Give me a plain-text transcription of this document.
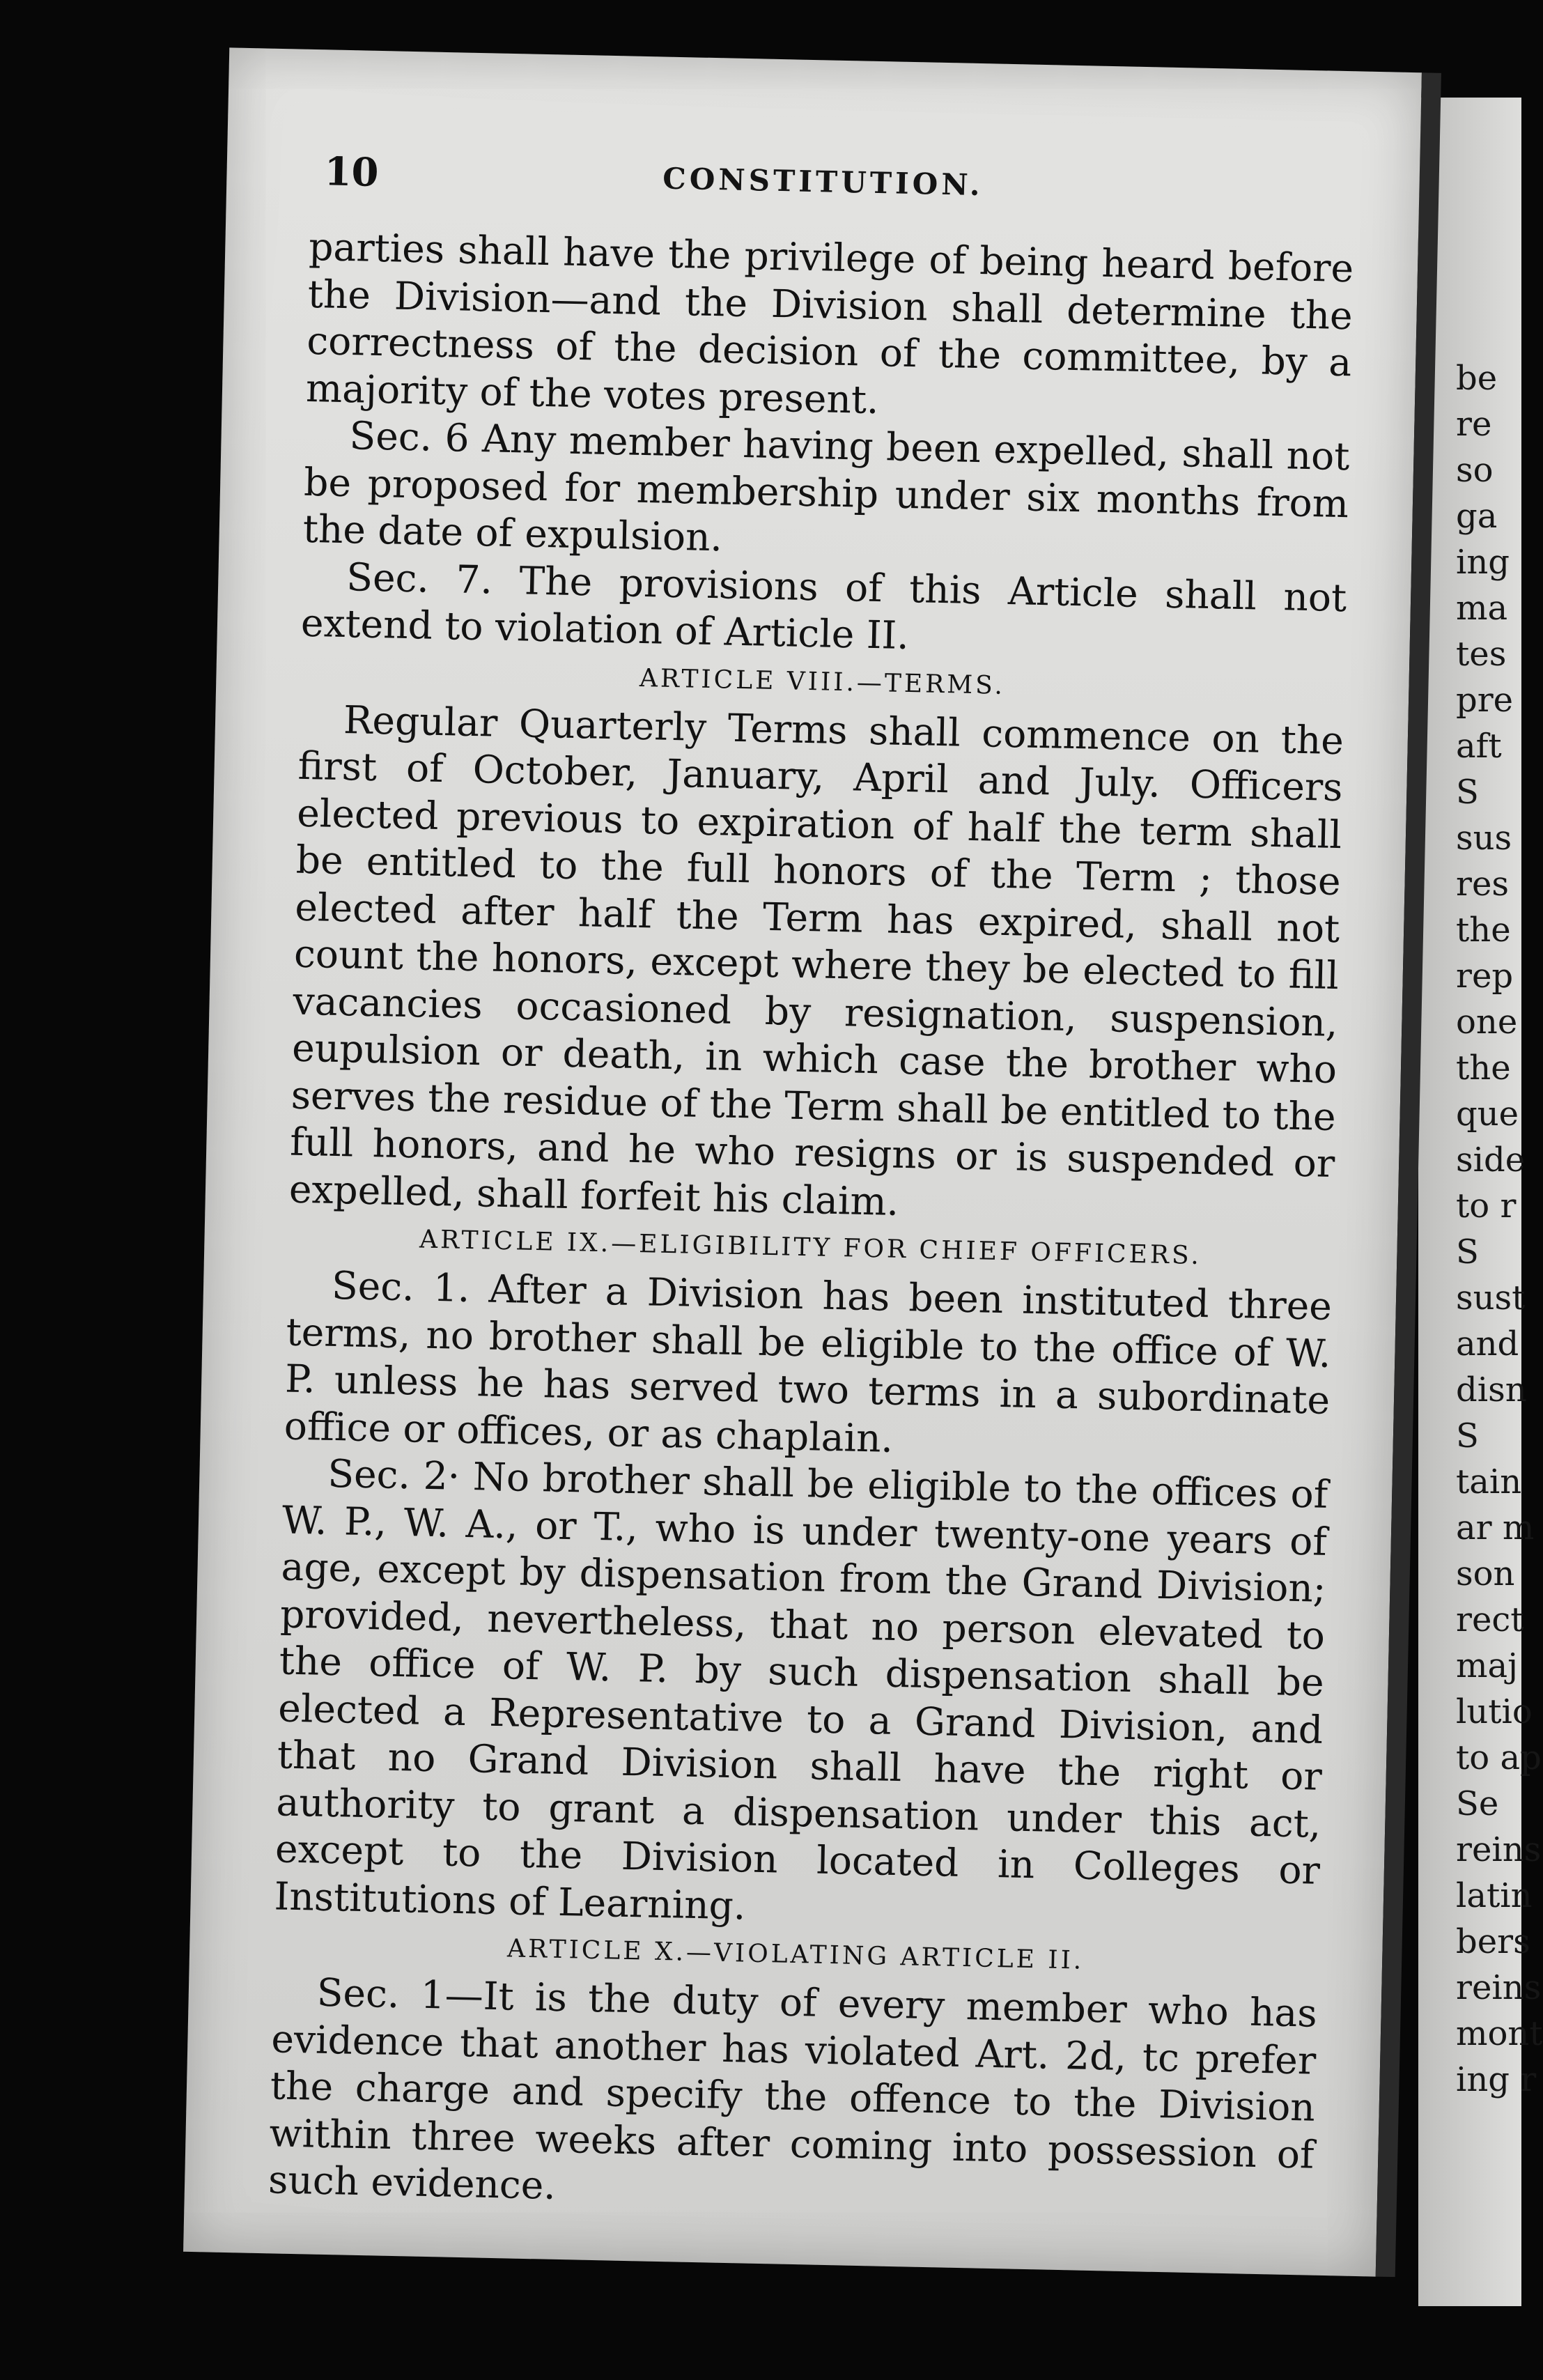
be
re
so
ga
ing
ma
tes
pre
aft
S
sus
res
the
rep
one
the
que
side
to r
S
sust
and
disn
S
tain
ar m
son
rect
maj
lutio
to ap
Se
reins
latin
bers
reins
mont
ing r
10	CONSTITUTION.

parties shall have the privilege of being heard before the Division—and the Division shall determine the correctness of the decision of the committee, by a majority of the votes present.

Sec. 6 Any member having been expelled, shall not be proposed for membership under six months from the date of expulsion.

Sec. 7. The provisions of this Article shall not extend to violation of Article II.

ARTICLE VIII.—TERMS.

Regular Quarterly Terms shall commence on the first of October, January, April and July. Officers elected previous to expiration of half the term shall be entitled to the full honors of the Term ; those elected after half the Term has expired, shall not count the honors, except where they be elected to fill vacancies occasioned by resignation, suspension, eupulsion or death, in which case the brother who serves the residue of the Term shall be entitled to the full honors, and he who resigns or is suspended or expelled, shall forfeit his claim.

ARTICLE IX.—ELIGIBILITY FOR CHIEF OFFICERS.

Sec. 1. After a Division has been instituted three terms, no brother shall be eligible to the office of W. P. unless he has served two terms in a subordinate office or offices, or as chaplain.

Sec. 2· No brother shall be eligible to the offices of W. P., W. A., or T., who is under twenty-one years of age, except by dispensation from the Grand Division; provided, nevertheless, that no person elevated to the office of W. P. by such dispensation shall be elected a Representative to a Grand Division, and that no Grand Division shall have the right or authority to grant a dispensation under this act, except to the Division located in Colleges or Institutions of Learning.

ARTICLE X.—VIOLATING ARTICLE II.

Sec. 1—It is the duty of every member who has evidence that another has violated Art. 2d, tc prefer the charge and specify the offence to the Division within three weeks after coming into possession of such evidence.
